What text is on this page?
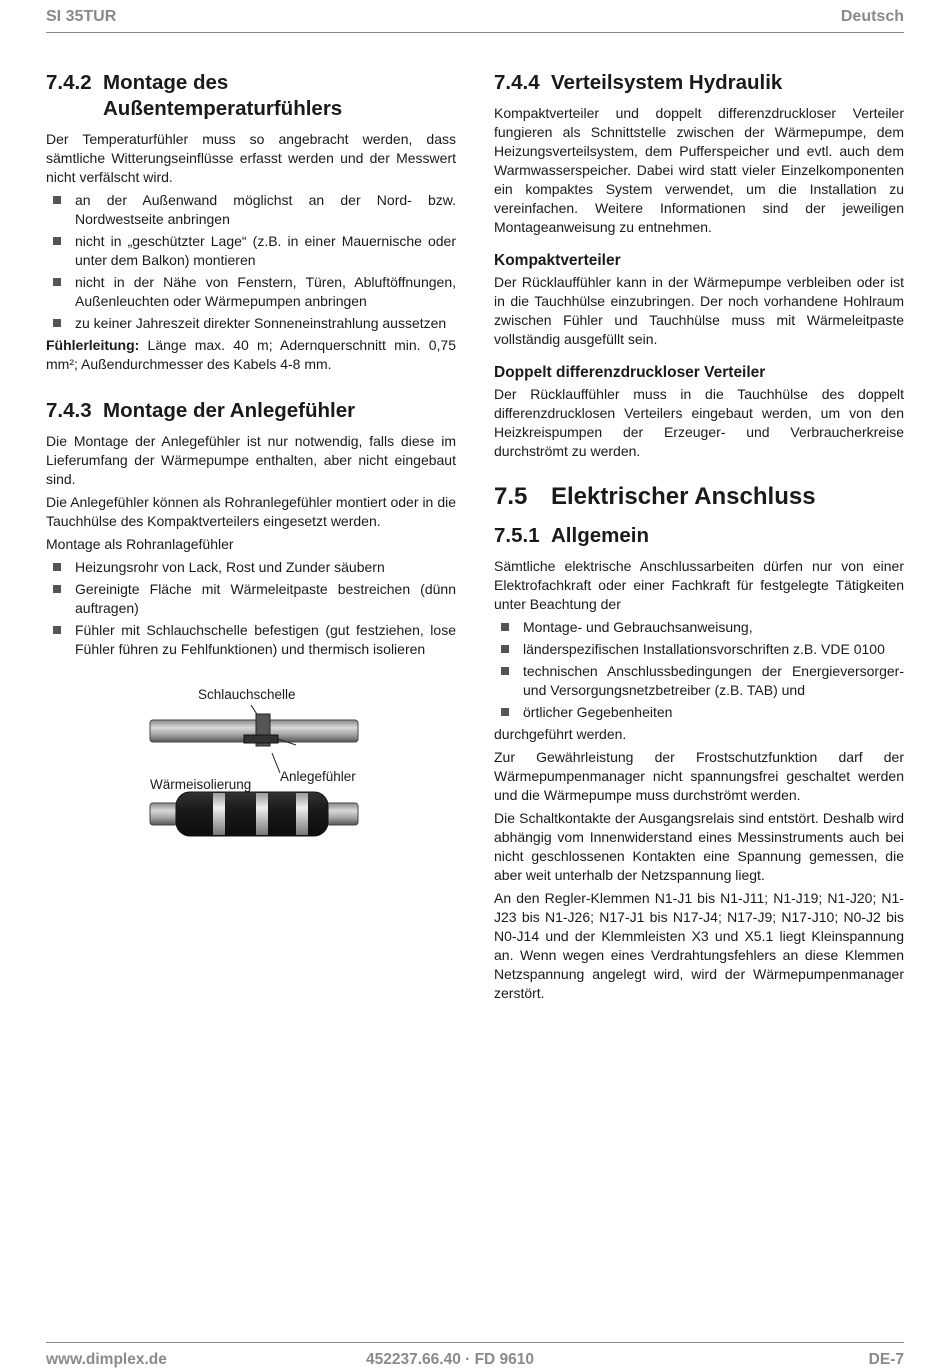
SI 35TUR	Deutsch
7.4.2 Montage des
Außentemperaturfühlers

Der Temperaturfühler muss so angebracht werden, dass sämtliche Witterungseinflüsse erfasst werden und der Messwert nicht verfälscht wird.

an der Außenwand möglichst an der Nord- bzw. Nordwestseite anbringen
nicht in „geschützter Lage“ (z.B. in einer Mauernische oder unter dem Balkon) montieren
nicht in der Nähe von Fenstern, Türen, Abluftöffnungen, Außenleuchten oder Wärmepumpen anbringen
zu keiner Jahreszeit direkter Sonneneinstrahlung aussetzen

Fühlerleitung: Länge max. 40 m; Adernquerschnitt min. 0,75 mm²; Außendurchmesser des Kabels 4-8 mm.

7.4.3 Montage der Anlegefühler

Die Montage der Anlegefühler ist nur notwendig, falls diese im Lieferumfang der Wärmepumpe enthalten, aber nicht eingebaut sind.

Die Anlegefühler können als Rohranlegefühler montiert oder in die Tauchhülse des Kompaktverteilers eingesetzt werden.

Montage als Rohranlagefühler

Heizungsrohr von Lack, Rost und Zunder säubern
Gereinigte Fläche mit Wärmeleitpaste bestreichen (dünn auftragen)
Fühler mit Schlauchschelle befestigen (gut festziehen, lose Fühler führen zu Fehlfunktionen) und thermisch isolieren
Schlauchschelle
Wärmeisolierung
Anlegefühler
7.4.4 Verteilsystem Hydraulik

Kompaktverteiler und doppelt differenzdruckloser Verteiler fungieren als Schnittstelle zwischen der Wärmepumpe, dem Heizungsverteilsystem, dem Pufferspeicher und evtl. auch dem Warmwasserspeicher. Dabei wird statt vieler Einzelkomponenten ein kompaktes System verwendet, um die Installation zu vereinfachen. Weitere Informationen sind der jeweiligen Montageanweisung zu entnehmen.

Kompaktverteiler

Der Rücklauffühler kann in der Wärmepumpe verbleiben oder ist in die Tauchhülse einzubringen. Der noch vorhandene Hohlraum zwischen Fühler und Tauchhülse muss mit Wärmeleitpaste vollständig ausgefüllt sein.

Doppelt differenzdruckloser Verteiler

Der Rücklauffühler muss in die Tauchhülse des doppelt differenzdrucklosen Verteilers eingebaut werden, um von den Heizkreispumpen der Erzeuger- und Verbraucherkreise durchströmt zu werden.

7.5 Elektrischer Anschluss
7.5.1 Allgemein

Sämtliche elektrische Anschlussarbeiten dürfen nur von einer Elektrofachkraft oder einer Fachkraft für festgelegte Tätigkeiten unter Beachtung der

Montage- und Gebrauchsanweisung,
länderspezifischen Installationsvorschriften z.B. VDE 0100
technischen Anschlussbedingungen der Energieversorger- und Versorgungsnetzbetreiber (z.B. TAB) und
örtlicher Gegebenheiten

durchgeführt werden.

Zur Gewährleistung der Frostschutzfunktion darf der Wärmepumpenmanager nicht spannungsfrei geschaltet werden und die Wärmepumpe muss durchströmt werden.

Die Schaltkontakte der Ausgangsrelais sind entstört. Deshalb wird abhängig vom Innenwiderstand eines Messinstruments auch bei nicht geschlossenen Kontakten eine Spannung gemessen, die aber weit unterhalb der Netzspannung liegt.

An den Regler-Klemmen N1-J1 bis N1-J11; N1-J19; N1-J20; N1-J23 bis N1-J26; N17-J1 bis N17-J4; N17-J9; N17-J10; N0-J2 bis N0-J14 und der Klemmleisten X3 und X5.1 liegt Kleinspannung an. Wenn wegen eines Verdrahtungsfehlers an diese Klemmen Netzspannung angelegt wird, wird der Wärmepumpenmanager zerstört.

www.dimplex.de	452237.66.40 · FD 9610	DE-7
